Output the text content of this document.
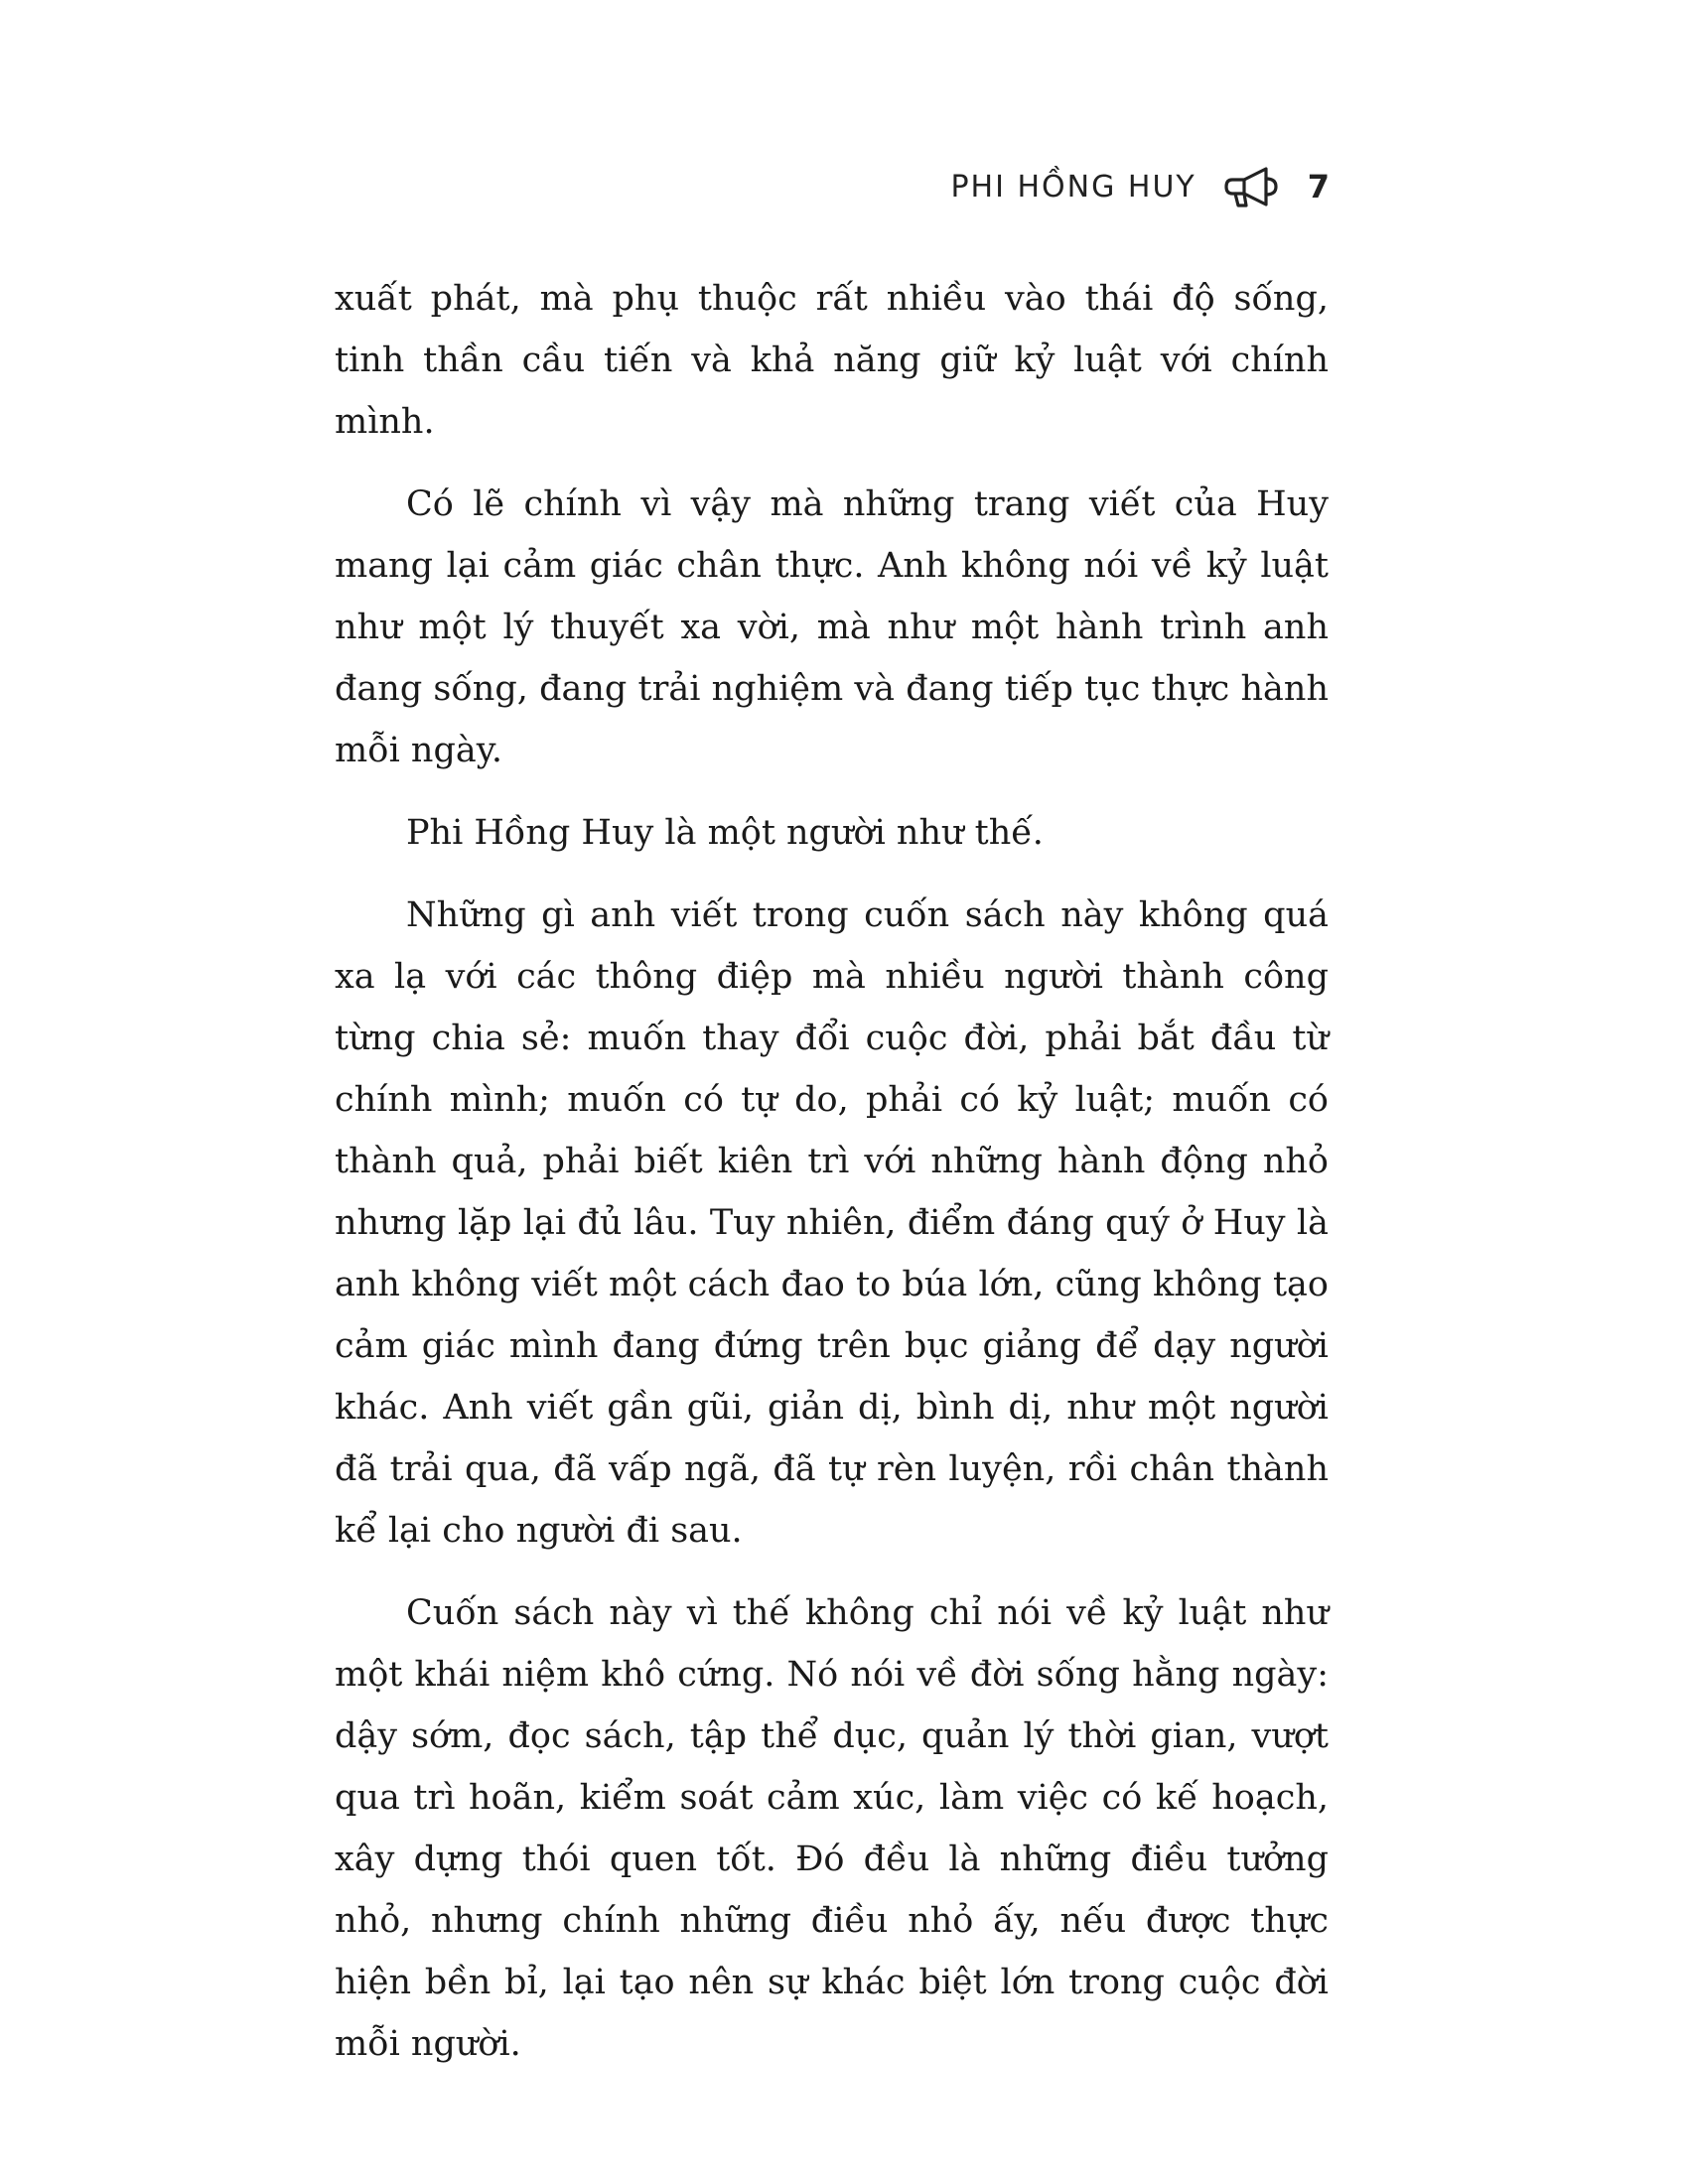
PHI HỒNG HUY	7

xuất phát, mà phụ thuộc rất nhiều vào thái độ sống, tinh thần cầu tiến và khả năng giữ kỷ luật với chính mình.

Có lẽ chính vì vậy mà những trang viết của Huy mang lại cảm giác chân thực. Anh không nói về kỷ luật như một lý thuyết xa vời, mà như một hành trình anh đang sống, đang trải nghiệm và đang tiếp tục thực hành mỗi ngày.

Phi Hồng Huy là một người như thế.

Những gì anh viết trong cuốn sách này không quá xa lạ với các thông điệp mà nhiều người thành công từng chia sẻ: muốn thay đổi cuộc đời, phải bắt đầu từ chính mình; muốn có tự do, phải có kỷ luật; muốn có thành quả, phải biết kiên trì với những hành động nhỏ nhưng lặp lại đủ lâu. Tuy nhiên, điểm đáng quý ở Huy là anh không viết một cách đao to búa lớn, cũng không tạo cảm giác mình đang đứng trên bục giảng để dạy người khác. Anh viết gần gũi, giản dị, bình dị, như một người đã trải qua, đã vấp ngã, đã tự rèn luyện, rồi chân thành kể lại cho người đi sau.

Cuốn sách này vì thế không chỉ nói về kỷ luật như một khái niệm khô cứng. Nó nói về đời sống hằng ngày: dậy sớm, đọc sách, tập thể dục, quản lý thời gian, vượt qua trì hoãn, kiểm soát cảm xúc, làm việc có kế hoạch, xây dựng thói quen tốt. Đó đều là những điều tưởng nhỏ, nhưng chính những điều nhỏ ấy, nếu được thực hiện bền bỉ, lại tạo nên sự khác biệt lớn trong cuộc đời mỗi người.
